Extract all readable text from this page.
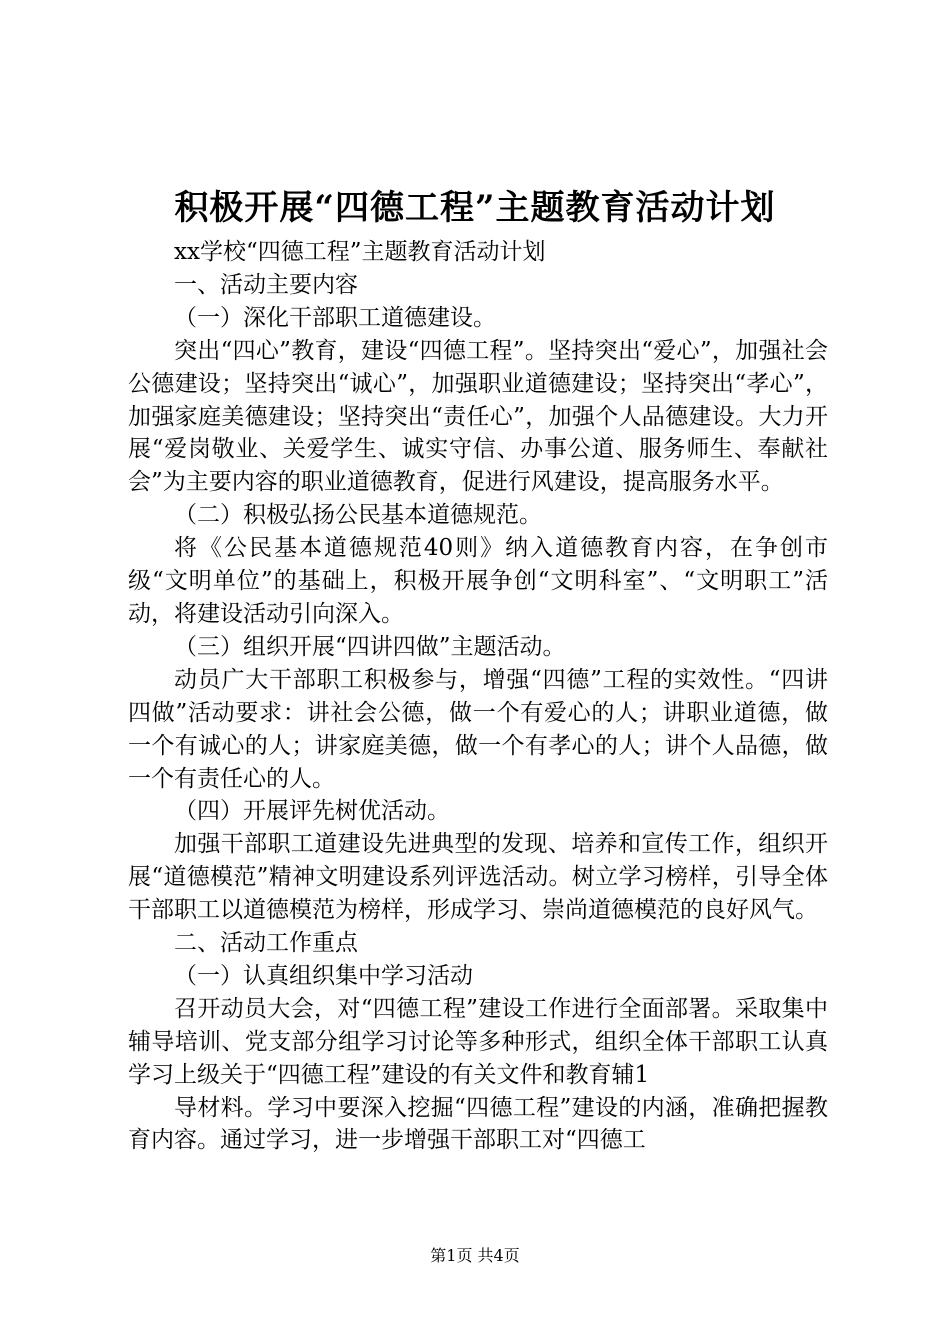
积极开展“四德工程”主题教育活动计划

xx学校“四德工程”主题教育活动计划

一、活动主要内容

（一）深化干部职工道德建设。

突出“四心”教育，建设“四德工程”。坚持突出“爱心”，加强社会公德建设；坚持突出“诚心”，加强职业道德建设；坚持突出“孝心”，加强家庭美德建设；坚持突出“责任心”，加强个人品德建设。大力开展“爱岗敬业、关爱学生、诚实守信、办事公道、服务师生、奉献社会”为主要内容的职业道德教育，促进行风建设，提高服务水平。

（二）积极弘扬公民基本道德规范。

将《公民基本道德规范40则》纳入道德教育内容，在争创市级“文明单位”的基础上，积极开展争创“文明科室”、“文明职工”活动，将建设活动引向深入。

（三）组织开展“四讲四做”主题活动。

动员广大干部职工积极参与，增强“四德”工程的实效性。“四讲四做”活动要求：讲社会公德，做一个有爱心的人；讲职业道德，做一个有诚心的人；讲家庭美德，做一个有孝心的人；讲个人品德，做一个有责任心的人。

（四）开展评先树优活动。

加强干部职工道建设先进典型的发现、培养和宣传工作，组织开展“道德模范”精神文明建设系列评选活动。树立学习榜样，引导全体干部职工以道德模范为榜样，形成学习、崇尚道德模范的良好风气。

二、活动工作重点

（一）认真组织集中学习活动

召开动员大会，对“四德工程”建设工作进行全面部署。采取集中辅导培训、党支部分组学习讨论等多种形式，组织全体干部职工认真学习上级关于“四德工程”建设的有关文件和教育辅1

导材料。学习中要深入挖掘“四德工程”建设的内涵，准确把握教育内容。通过学习，进一步增强干部职工对“四德工

第1页 共4页
